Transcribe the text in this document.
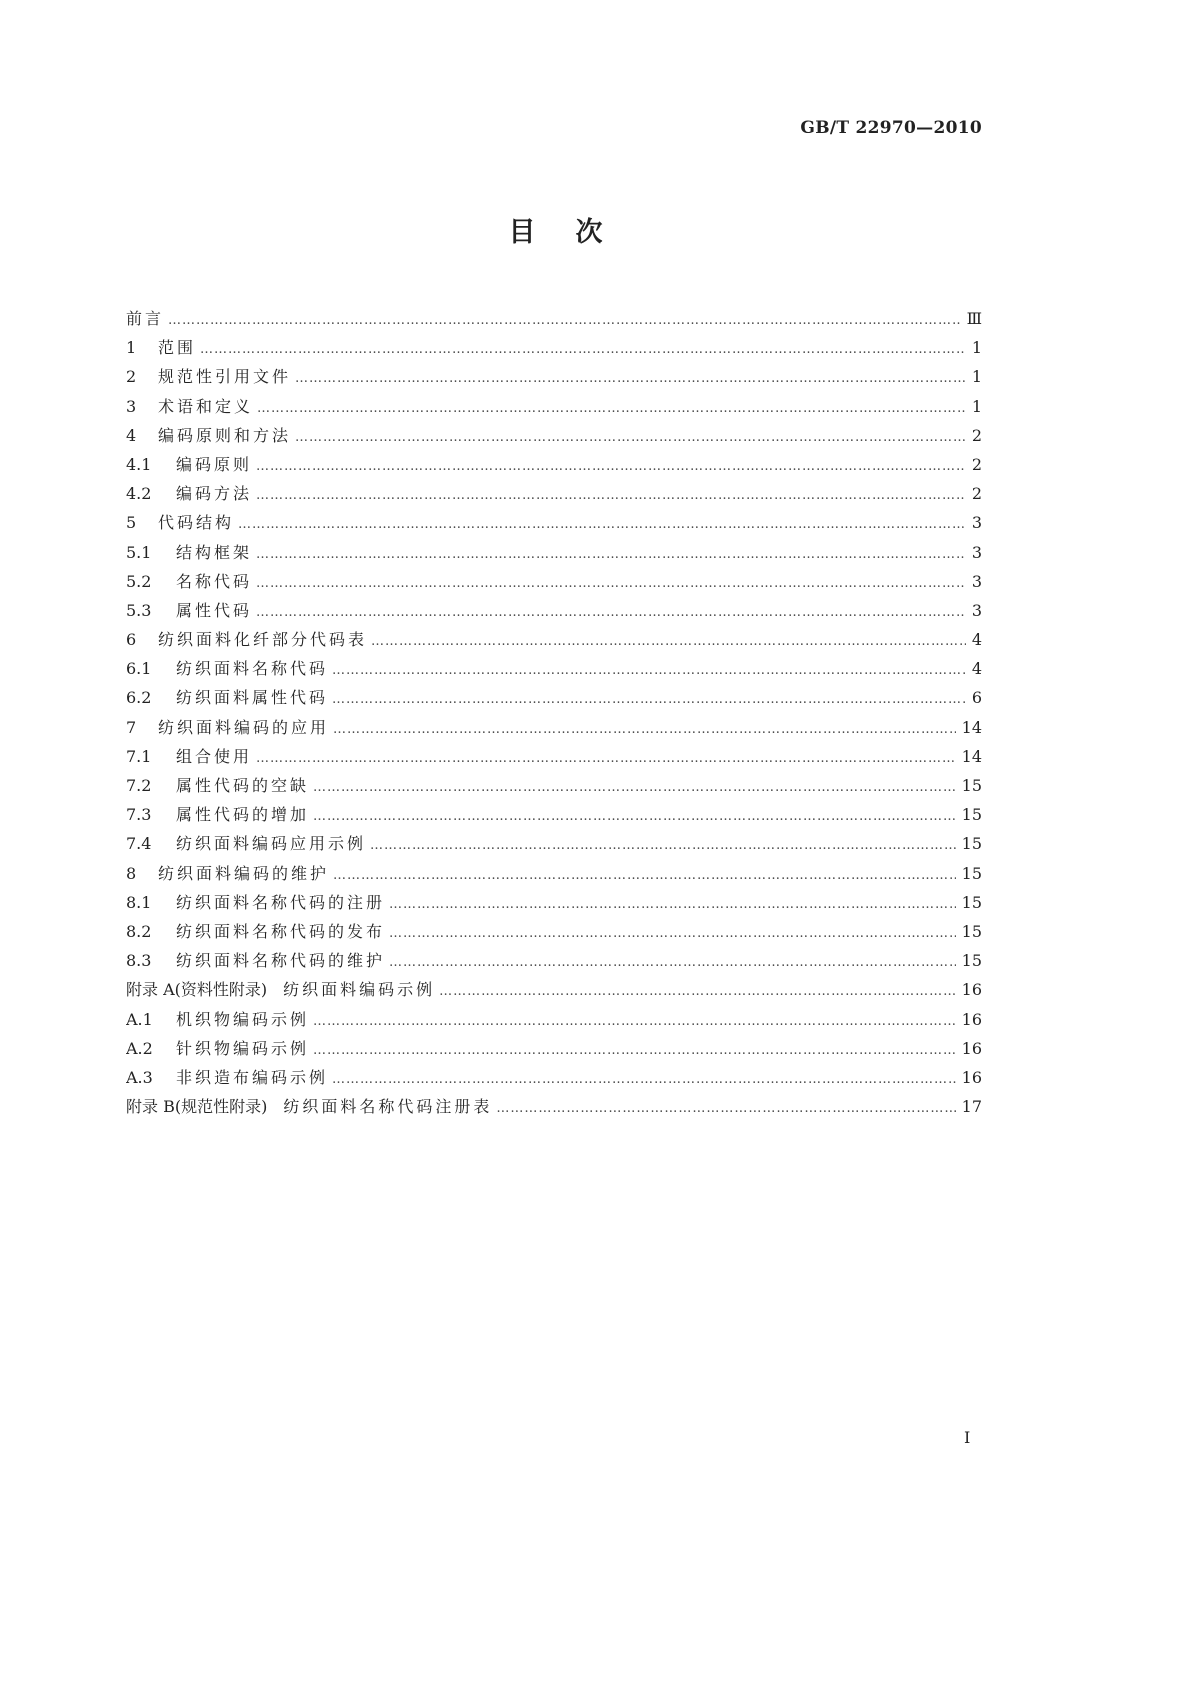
GB/T 22970—2010
目次
前言 ……………………………………………………………………………………………………………………………………………………………………………………………………………………………………	Ⅲ
1	范围 ……………………………………………………………………………………………………………………………………………………………………………………………………………………………………	1
2	规范性引用文件 ……………………………………………………………………………………………………………………………………………………………………………………………………………………………………	1
3	术语和定义 ……………………………………………………………………………………………………………………………………………………………………………………………………………………………………	1
4	编码原则和方法 ……………………………………………………………………………………………………………………………………………………………………………………………………………………………………	2
4.1	编码原则 ……………………………………………………………………………………………………………………………………………………………………………………………………………………………………	2
4.2	编码方法 ……………………………………………………………………………………………………………………………………………………………………………………………………………………………………	2
5	代码结构 ……………………………………………………………………………………………………………………………………………………………………………………………………………………………………	3
5.1	结构框架 ……………………………………………………………………………………………………………………………………………………………………………………………………………………………………	3
5.2	名称代码 ……………………………………………………………………………………………………………………………………………………………………………………………………………………………………	3
5.3	属性代码 ……………………………………………………………………………………………………………………………………………………………………………………………………………………………………	3
6	纺织面料化纤部分代码表 ……………………………………………………………………………………………………………………………………………………………………………………………………………………………………	4
6.1	纺织面料名称代码 ……………………………………………………………………………………………………………………………………………………………………………………………………………………………………	4
6.2	纺织面料属性代码 ……………………………………………………………………………………………………………………………………………………………………………………………………………………………………	6
7	纺织面料编码的应用 ……………………………………………………………………………………………………………………………………………………………………………………………………………………………………	14
7.1	组合使用 ……………………………………………………………………………………………………………………………………………………………………………………………………………………………………	14
7.2	属性代码的空缺 ……………………………………………………………………………………………………………………………………………………………………………………………………………………………………	15
7.3	属性代码的增加 ……………………………………………………………………………………………………………………………………………………………………………………………………………………………………	15
7.4	纺织面料编码应用示例 ……………………………………………………………………………………………………………………………………………………………………………………………………………………………………	15
8	纺织面料编码的维护 ……………………………………………………………………………………………………………………………………………………………………………………………………………………………………	15
8.1	纺织面料名称代码的注册 ……………………………………………………………………………………………………………………………………………………………………………………………………………………………………	15
8.2	纺织面料名称代码的发布 ……………………………………………………………………………………………………………………………………………………………………………………………………………………………………	15
8.3	纺织面料名称代码的维护 ……………………………………………………………………………………………………………………………………………………………………………………………………………………………………	15
附录 A(资料性附录)	纺织面料编码示例 ……………………………………………………………………………………………………………………………………………………………………………………………………………………………………	16
A.1	机织物编码示例 ……………………………………………………………………………………………………………………………………………………………………………………………………………………………………	16
A.2	针织物编码示例 ……………………………………………………………………………………………………………………………………………………………………………………………………………………………………	16
A.3	非织造布编码示例 ……………………………………………………………………………………………………………………………………………………………………………………………………………………………………	16
附录 B(规范性附录)	纺织面料名称代码注册表 ……………………………………………………………………………………………………………………………………………………………………………………………………………………………………	17
I
